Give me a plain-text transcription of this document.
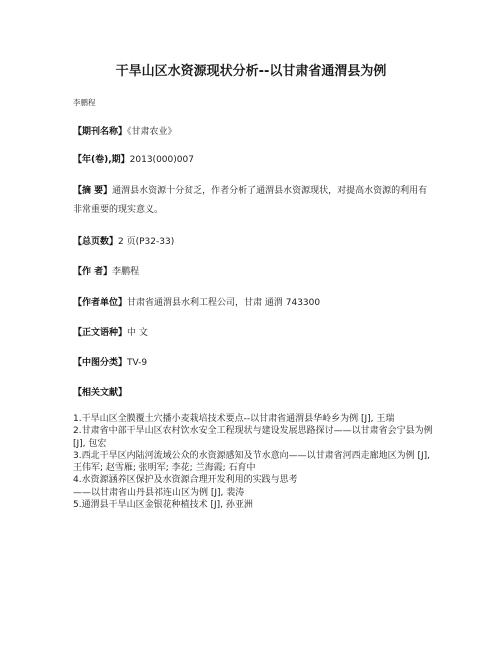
干旱山区水资源现状分析--以甘肃省通渭县为例
李鹏程
【期刊名称】《甘肃农业》
【年(卷),期】2013(000)007
【摘 要】通渭县水资源十分贫乏，作者分析了通渭县水资源现状，对提高水资源的利用有非常重要的现实意义。
【总页数】2 页(P32-33)
【作 者】李鹏程
【作者单位】甘肃省通渭县水利工程公司，甘肃 通渭 743300
【正文语种】中 文
【中图分类】TV-9
【相关文献】

1.干旱山区全膜覆土穴播小麦栽培技术要点--以甘肃省通渭县华岭乡为例 [J], 王瑞

2.甘肃省中部干旱山区农村饮水安全工程现状与建设发展思路探讨——以甘肃省会宁县为例 [J], 包宏

3.西北干旱区内陆河流域公众的水资源感知及节水意向——以甘肃省河西走廊地区为例 [J], 王伟军; 赵雪雁; 张明军; 李花; 兰海霞; 石育中

4.水资源涵养区保护及水资源合理开发利用的实践与思考

——以甘肃省山丹县祁连山区为例 [J], 裴涛

5.通渭县干旱山区金银花种植技术 [J], 孙亚洲
